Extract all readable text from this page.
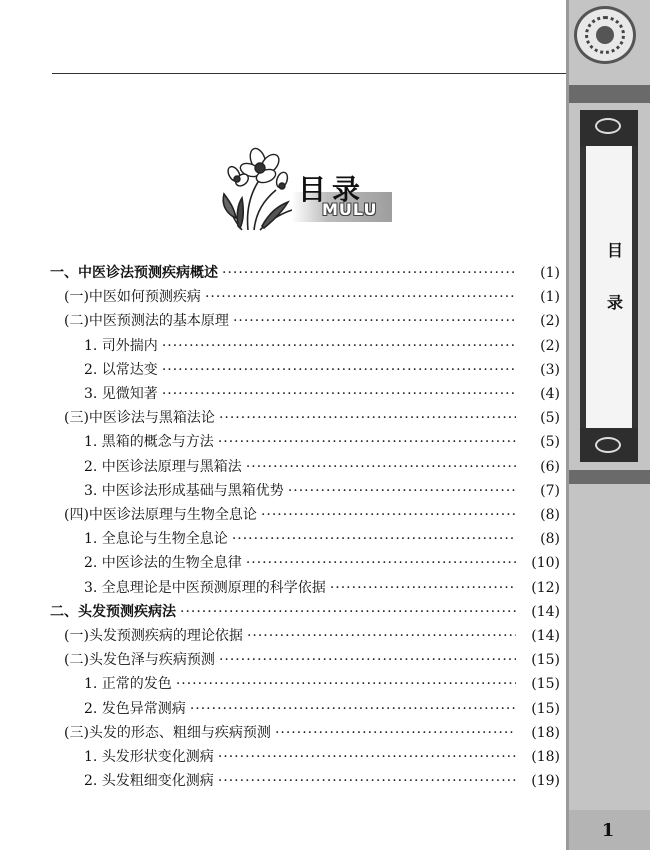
目
录
1
目录
MULU
一、中医诊法预测疾病概述 ·····	(1)
(一)中医如何预测疾病 ·····	(1)
(二)中医预测法的基本原理 ·····	(2)
1. 司外揣内 ·····	(2)
2. 以常达变 ·····	(3)
3. 见微知著 ·····	(4)
(三)中医诊法与黑箱法论 ·····	(5)
1. 黑箱的概念与方法 ·····	(5)
2. 中医诊法原理与黑箱法 ·····	(6)
3. 中医诊法形成基础与黑箱优势 ·····	(7)
(四)中医诊法原理与生物全息论 ·····	(8)
1. 全息论与生物全息论 ·····	(8)
2. 中医诊法的生物全息律 ·····	(10)
3. 全息理论是中医预测原理的科学依据 ·····	(12)
二、头发预测疾病法 ·····	(14)
(一)头发预测疾病的理论依据 ·····	(14)
(二)头发色泽与疾病预测 ·····	(15)
1. 正常的发色 ·····	(15)
2. 发色异常测病 ·····	(15)
(三)头发的形态、粗细与疾病预测 ·····	(18)
1. 头发形状变化测病 ·····	(18)
2. 头发粗细变化测病 ·····	(19)
